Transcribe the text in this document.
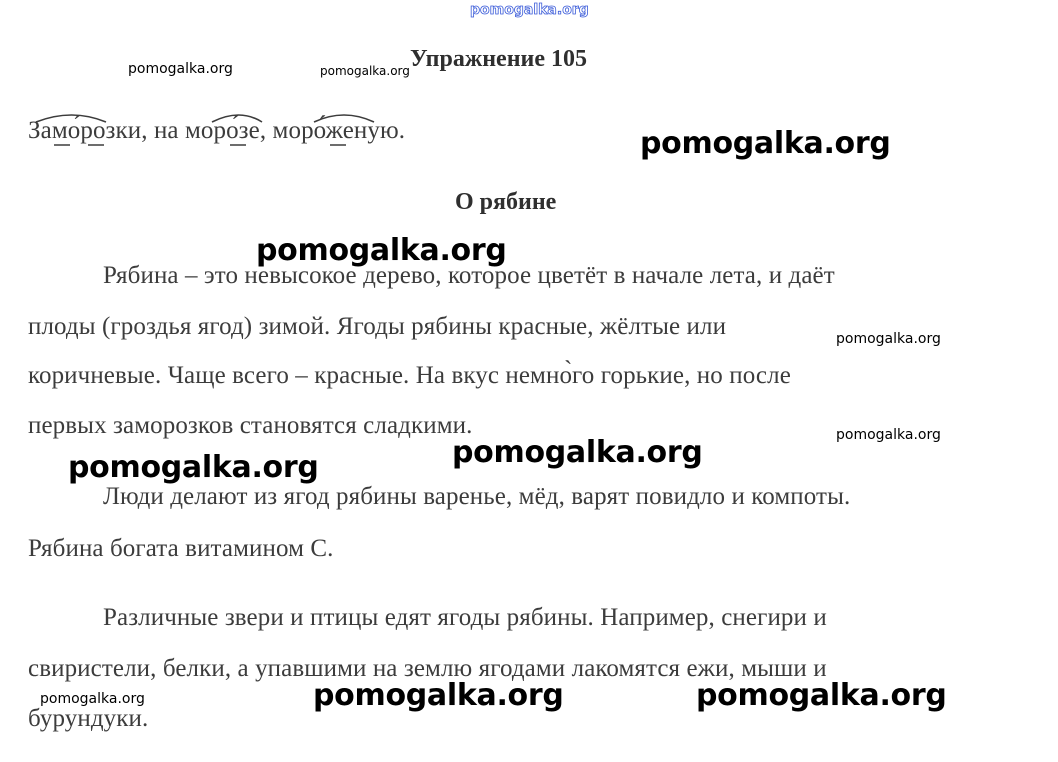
pomogalka.org
pomogalka.org	pomogalka.org Упражнение 105
Замо́розки, на моро́зе, моро́женую.	pomogalka.org
О рябине
pomogalka.org
Рябина – это невысокое дерево, которое цветёт в начале лета, и даёт
плоды (гроздья ягод) зимой. Ягоды рябины красные, жёлтые или	pomogalka.org
коричневые. Чаще всего – красные. На вкус немно̀го горькие, но после
первых заморозков становятся сладкими.	pomogalka.org
pomogalka.org
pomogalka.org
Люди делают из ягод рябины варенье, мёд, варят повидло и компоты.
Рябина богата витамином С.
Различные звери и птицы едят ягоды рябины. Например, снегири и
свиристели, белки, а упавшими на землю ягодами лакомятся ежи, мыши и
pomogalka.org
бурундуки.
pomogalka.org	pomogalka.org
